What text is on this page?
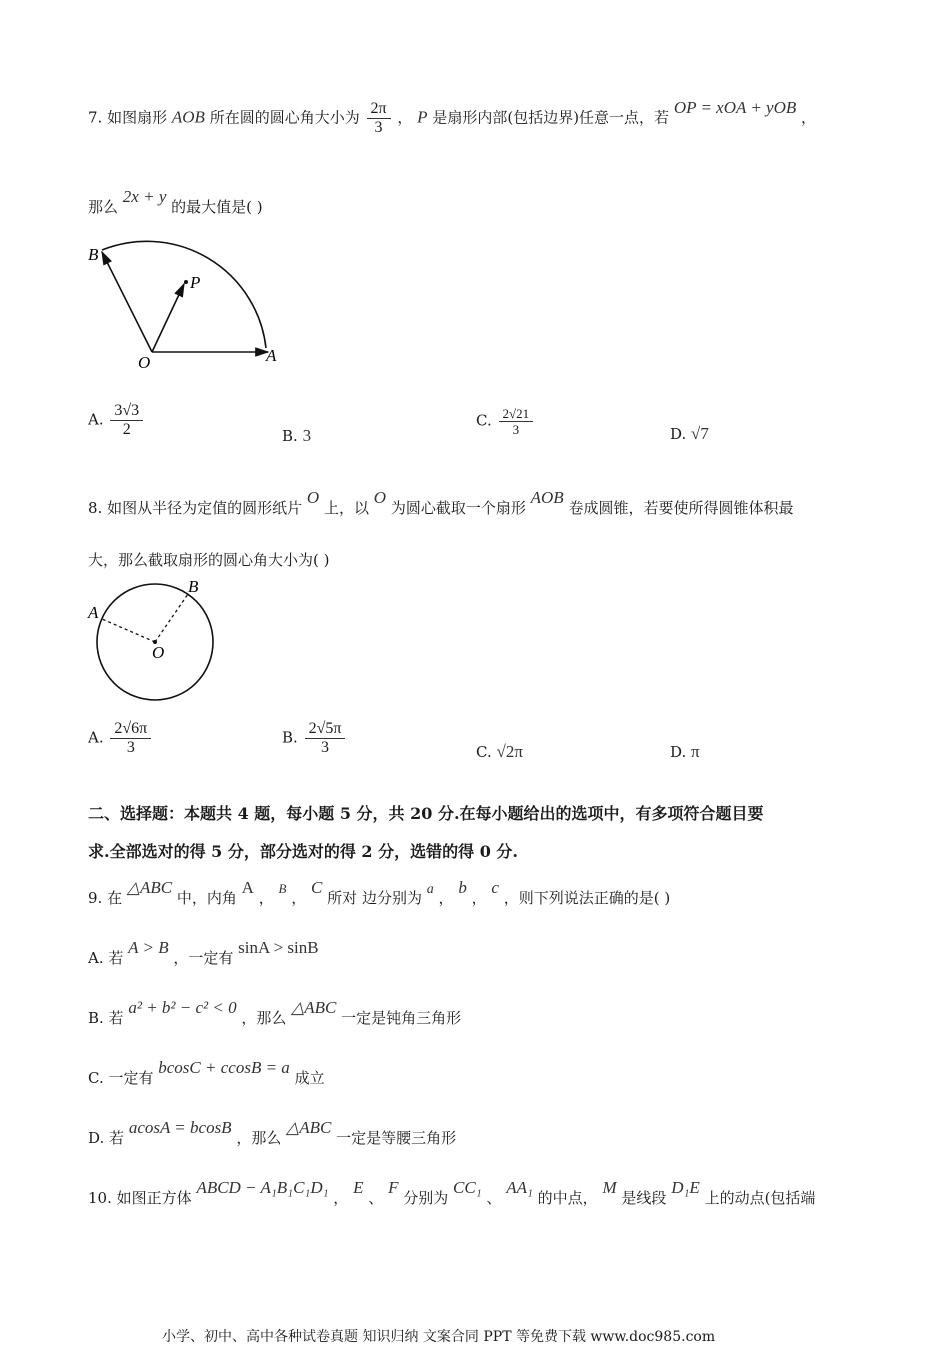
7. 如图扇形 AOB 所在圆的圆心角大小为 $\frac{2\pi}{3}$ ， P 是扇形内部(包括边界)任意一点，若 OP = xOA + yOB ，
那么 2x + y 的最大值是( )
B
P
O	A
A. $\frac{3√3}{2}$	B. 3
C. $\frac{2√21}{3}$	D. √7
8. 如图从半径为定值的圆形纸片 O 上，以 O 为圆心截取一个扇形 AOB 卷成圆锥，若要使所得圆锥体积最
大，那么截取扇形的圆心角大小为( )
A
B
O
A. $\frac{2√6\pi}{3}$	B. $\frac{2√5\pi}{3}$	C. √2π	D. π
二、选择题：本题共 4 题，每小题 5 分，共 20 分.在每小题给出的选项中，有多项符合题目要
求.全部选对的得 5 分，部分选对的得 2 分，选错的得 0 分.
9. 在 △ABC 中，内角 A ， B ， C 所对 边分别为 a ， b ， c ，则下列说法正确的是( )
A. 若 A > B ，一定有 sinA > sinB
B. 若 a² + b² − c² < 0 ，那么 △ABC 一定是钝角三角形
C. 一定有 bcosC + ccosB = a 成立
D. 若 acosA = bcosB ，那么 △ABC 一定是等腰三角形
10. 如图正方体 ABCD − A₁B₁C₁D₁ ， E 、 F 分别为 CC₁ 、 AA₁ 的中点， M 是线段 D₁E 上的动点(包括端
小学、初中、高中各种试卷真题 知识归纳 文案合同 PPT 等免费下载 www.doc985.com
